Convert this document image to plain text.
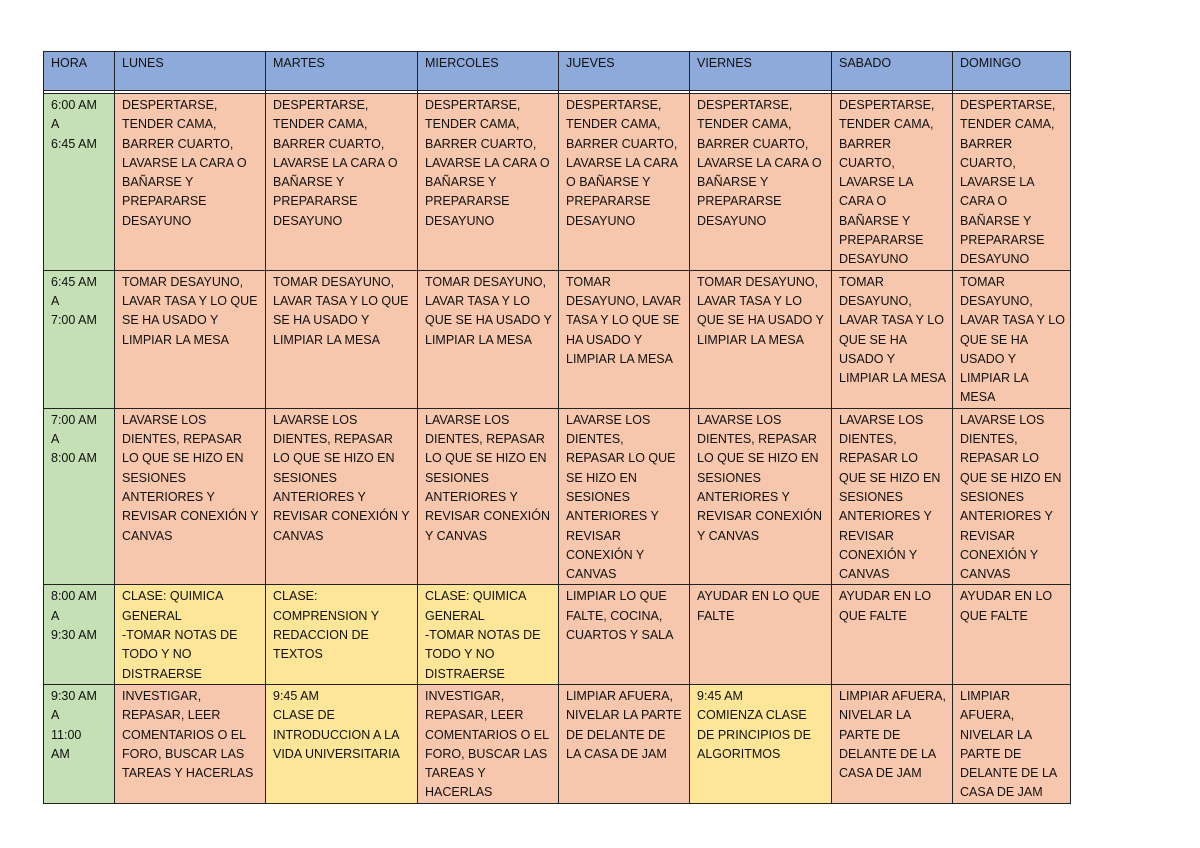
HORA	LUNES	MARTES	MIERCOLES	JUEVES	VIERNES	SABADO	DOMINGO

6:00 AM
A
6:45 AM	DESPERTARSE, TENDER CAMA, BARRER CUARTO, LAVARSE LA CARA O BAÑARSE Y PREPARARSE DESAYUNO	DESPERTARSE, TENDER CAMA, BARRER CUARTO, LAVARSE LA CARA O BAÑARSE Y PREPARARSE DESAYUNO	DESPERTARSE, TENDER CAMA, BARRER CUARTO, LAVARSE LA CARA O BAÑARSE Y PREPARARSE DESAYUNO	DESPERTARSE, TENDER CAMA, BARRER CUARTO, LAVARSE LA CARA O BAÑARSE Y PREPARARSE DESAYUNO	DESPERTARSE, TENDER CAMA, BARRER CUARTO, LAVARSE LA CARA O BAÑARSE Y PREPARARSE DESAYUNO	DESPERTARSE, TENDER CAMA, BARRER CUARTO, LAVARSE LA CARA O BAÑARSE Y PREPARARSE DESAYUNO	DESPERTARSE, TENDER CAMA, BARRER CUARTO, LAVARSE LA CARA O BAÑARSE Y PREPARARSE DESAYUNO
6:45 AM
A
7:00 AM	TOMAR DESAYUNO, LAVAR TASA Y LO QUE SE HA USADO Y LIMPIAR LA MESA	TOMAR DESAYUNO, LAVAR TASA Y LO QUE SE HA USADO Y LIMPIAR LA MESA	TOMAR DESAYUNO, LAVAR TASA Y LO QUE SE HA USADO Y LIMPIAR LA MESA	TOMAR DESAYUNO, LAVAR TASA Y LO QUE SE HA USADO Y LIMPIAR LA MESA	TOMAR DESAYUNO, LAVAR TASA Y LO QUE SE HA USADO Y LIMPIAR LA MESA	TOMAR DESAYUNO, LAVAR TASA Y LO QUE SE HA USADO Y LIMPIAR LA MESA	TOMAR DESAYUNO, LAVAR TASA Y LO QUE SE HA USADO Y LIMPIAR LA MESA
7:00 AM
A
8:00 AM	LAVARSE LOS DIENTES, REPASAR LO QUE SE HIZO EN SESIONES ANTERIORES Y REVISAR CONEXIÓN Y CANVAS	LAVARSE LOS DIENTES, REPASAR LO QUE SE HIZO EN SESIONES ANTERIORES Y REVISAR CONEXIÓN Y CANVAS	LAVARSE LOS DIENTES, REPASAR LO QUE SE HIZO EN SESIONES ANTERIORES Y REVISAR CONEXIÓN Y CANVAS	LAVARSE LOS DIENTES, REPASAR LO QUE SE HIZO EN SESIONES ANTERIORES Y REVISAR CONEXIÓN Y CANVAS	LAVARSE LOS DIENTES, REPASAR LO QUE SE HIZO EN SESIONES ANTERIORES Y REVISAR CONEXIÓN Y CANVAS	LAVARSE LOS DIENTES, REPASAR LO QUE SE HIZO EN SESIONES ANTERIORES Y REVISAR CONEXIÓN Y CANVAS	LAVARSE LOS DIENTES, REPASAR LO QUE SE HIZO EN SESIONES ANTERIORES Y REVISAR CONEXIÓN Y CANVAS
8:00 AM
A
9:30 AM	CLASE: QUIMICA GENERAL
-TOMAR NOTAS DE TODO Y NO DISTRAERSE	CLASE: COMPRENSION Y REDACCION DE TEXTOS	CLASE: QUIMICA GENERAL
-TOMAR NOTAS DE TODO Y NO DISTRAERSE	LIMPIAR LO QUE FALTE, COCINA, CUARTOS Y SALA	AYUDAR EN LO QUE FALTE	AYUDAR EN LO QUE FALTE	AYUDAR EN LO QUE FALTE
9:30 AM
A
11:00
AM	INVESTIGAR, REPASAR, LEER COMENTARIOS O EL FORO, BUSCAR LAS TAREAS Y HACERLAS	9:45 AM
CLASE DE INTRODUCCION A LA VIDA UNIVERSITARIA	INVESTIGAR, REPASAR, LEER COMENTARIOS O EL FORO, BUSCAR LAS TAREAS Y HACERLAS	LIMPIAR AFUERA, NIVELAR LA PARTE DE DELANTE DE LA CASA DE JAM	9:45 AM
COMIENZA CLASE DE PRINCIPIOS DE ALGORITMOS	LIMPIAR AFUERA, NIVELAR LA PARTE DE DELANTE DE LA CASA DE JAM	LIMPIAR AFUERA, NIVELAR LA PARTE DE DELANTE DE LA CASA DE JAM
